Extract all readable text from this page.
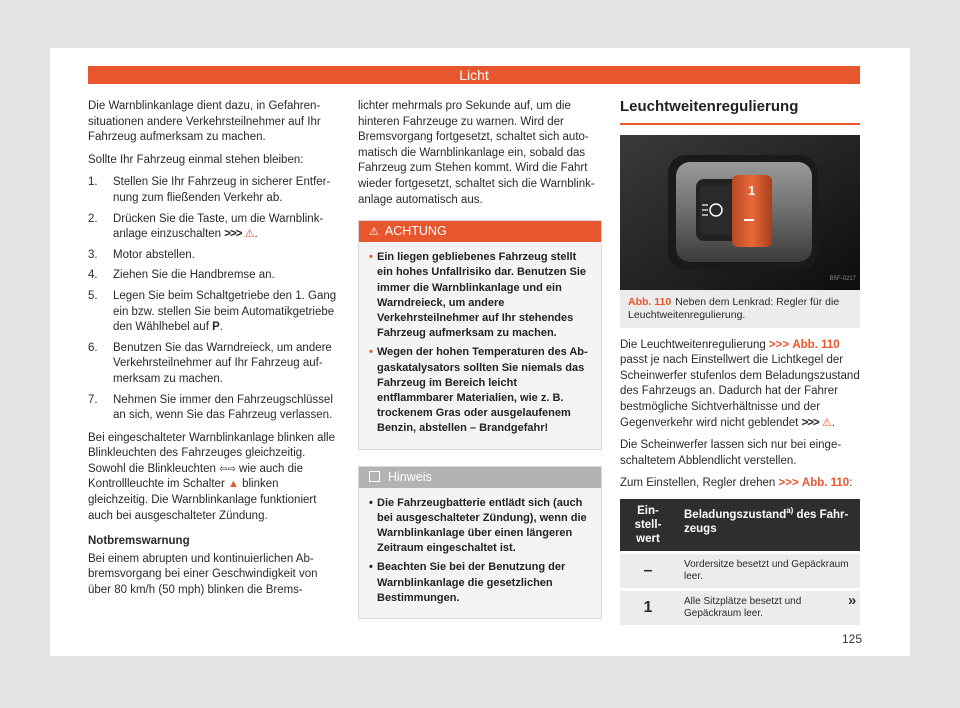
Licht

Die Warnblinkanlage dient dazu, in Gefahrensituationen andere Verkehrsteilnehmer auf Ihr Fahrzeug aufmerksam zu machen.

Sollte Ihr Fahrzeug einmal stehen bleiben:

1. Stellen Sie Ihr Fahrzeug in sicherer Entfernung zum fließenden Verkehr ab.
2. Drücken Sie die Taste, um die Warnblinkanlage einzuschalten >>> ⚠.
3. Motor abstellen.
4. Ziehen Sie die Handbremse an.
5. Legen Sie beim Schaltgetriebe den 1. Gang ein bzw. stellen Sie beim Automatikgetriebe den Wählhebel auf P.
6. Benutzen Sie das Warndreieck, um andere Verkehrsteilnehmer auf Ihr Fahrzeug aufmerksam zu machen.
7. Nehmen Sie immer den Fahrzeugschlüssel an sich, wenn Sie das Fahrzeug verlassen.

Bei eingeschalteter Warnblinkanlage blinken alle Blinkleuchten des Fahrzeuges gleichzeitig. Sowohl die Blinkleuchten ⇦⇨ wie auch die Kontrollleuchte im Schalter ▲ blinken gleichzeitig. Die Warnblinkanlage funktioniert auch bei ausgeschalteter Zündung.

Notbremswarnung

Bei einem abrupten und kontinuierlichen Abbremsvorgang bei einer Geschwindigkeit von über 80 km/h (50 mph) blinken die Brems-

lichter mehrmals pro Sekunde auf, um die hinteren Fahrzeuge zu warnen. Wird der Bremsvorgang fortgesetzt, schaltet sich automatisch die Warnblinkanlage ein, sobald das Fahrzeug zum Stehen kommt. Wird die Fahrt wieder fortgesetzt, schaltet sich die Warnblinkanlage automatisch aus.

⚠ ACHTUNG
• Ein liegen gebliebenes Fahrzeug stellt ein hohes Unfallrisiko dar. Benutzen Sie immer die Warnblinkanlage und ein Warndreieck, um andere Verkehrsteilnehmer auf Ihr stehendes Fahrzeug aufmerksam zu machen.
• Wegen der hohen Temperaturen des Abgaskatalysators sollten Sie niemals das Fahrzeug im Bereich leicht entflammbarer Materialien, wie z. B. trockenem Gras oder ausgelaufenem Benzin, abstellen – Brandgefahr!
Hinweis
• Die Fahrzeugbatterie entlädt sich (auch bei ausgeschalteter Zündung), wenn die Warnblinkanlage über einen längeren Zeitraum eingeschaltet ist.
• Beachten Sie bei der Benutzung der Warnblinkanlage die gesetzlichen Bestimmungen.
Leuchtweitenregulierung
1
B5F-0217
Abb. 110 Neben dem Lenkrad: Regler für die Leuchtweitenregulierung.

Die Leuchtweitenregulierung >>> Abb. 110 passt je nach Einstellwert die Lichtkegel der Scheinwerfer stufenlos dem Beladungszustand des Fahrzeugs an. Dadurch hat der Fahrer bestmögliche Sichtverhältnisse und der Gegenverkehr wird nicht geblendet >>> ⚠.

Die Scheinwerfer lassen sich nur bei eingeschaltetem Abblendlicht verstellen.

Zum Einstellen, Regler drehen >>> Abb. 110:

Einstellwert	Beladungszustand$^{a)}$ des Fahrzeugs
–	Vordersitze besetzt und Gepäckraum leer.
1	Alle Sitzplätze besetzt und Gepäckraum leer.
»
125
